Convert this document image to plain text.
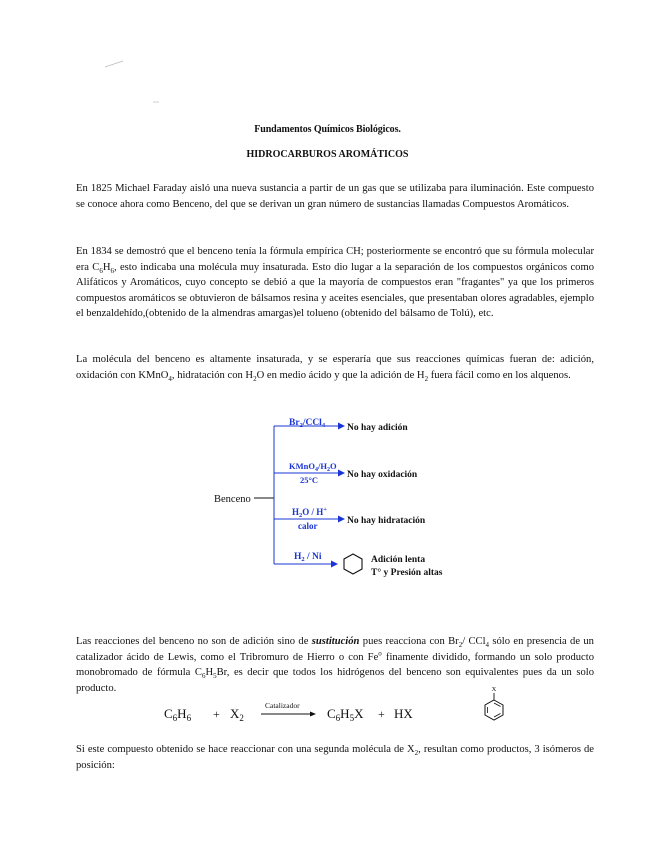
Fundamentos Químicos Biológicos.
HIDROCARBUROS AROMÁTICOS
En 1825 Michael Faraday aisló una nueva sustancia a partir de un gas que se utilizaba para iluminación. Este compuesto se conoce ahora como Benceno, del que se derivan un gran número de sustancias llamadas Compuestos Aromáticos.
En 1834 se demostró que el benceno tenía la fórmula empírica CH; posteriormente se encontró que su fórmula molecular era $C_6H_6$, esto indicaba una molécula muy insaturada. Esto dio lugar a la separación de los compuestos orgánicos como Alifáticos y Aromáticos, cuyo concepto se debió a que la mayoría de compuestos eran "fragantes" ya que los primeros compuestos aromáticos se obtuvieron de bálsamos resina y aceites esenciales, que presentaban olores agradables, ejemplo el benzaldehído,(obtenido de la almendras amargas)el tolueno (obtenido del bálsamo de Tolú), etc.
La molécula del benceno es altamente insaturada, y se esperaría que sus reacciones químicas fueran de: adición, oxidación con KMnO$_4$, hidratación con $H_2O$ en medio ácido y que la adición de $H_2$ fuera fácil como en los alquenos.
Benceno
$Br_2/CCl_4$ No hay adición
$KMnO_4/H_2O$
25°C	No hay oxidación
$H_2O / H^+$
calor	No hay hidratación
$H_2$ / Ni	Adición lenta
T° y Presión altas
Las reacciones del benceno no son de adición sino de sustitución pues reacciona con $Br_2/$ CCl$_4$ sólo en presencia de un catalizador ácido de Lewis, como el Tribromuro de Hierro o con Fe$^o$ finamente dividido, formando un solo producto monobromado de fórmula $C_6H_5Br$, es decir que todos los hidrógenos del benceno son equivalentes pues da un solo producto.
$C_6H_6 + X_2$
Catalizador
$C_6H_5X$ + HX
X
Si este compuesto obtenido se hace reaccionar con una segunda molécula de $X_2$, resultan como productos, 3 isómeros de posición:
